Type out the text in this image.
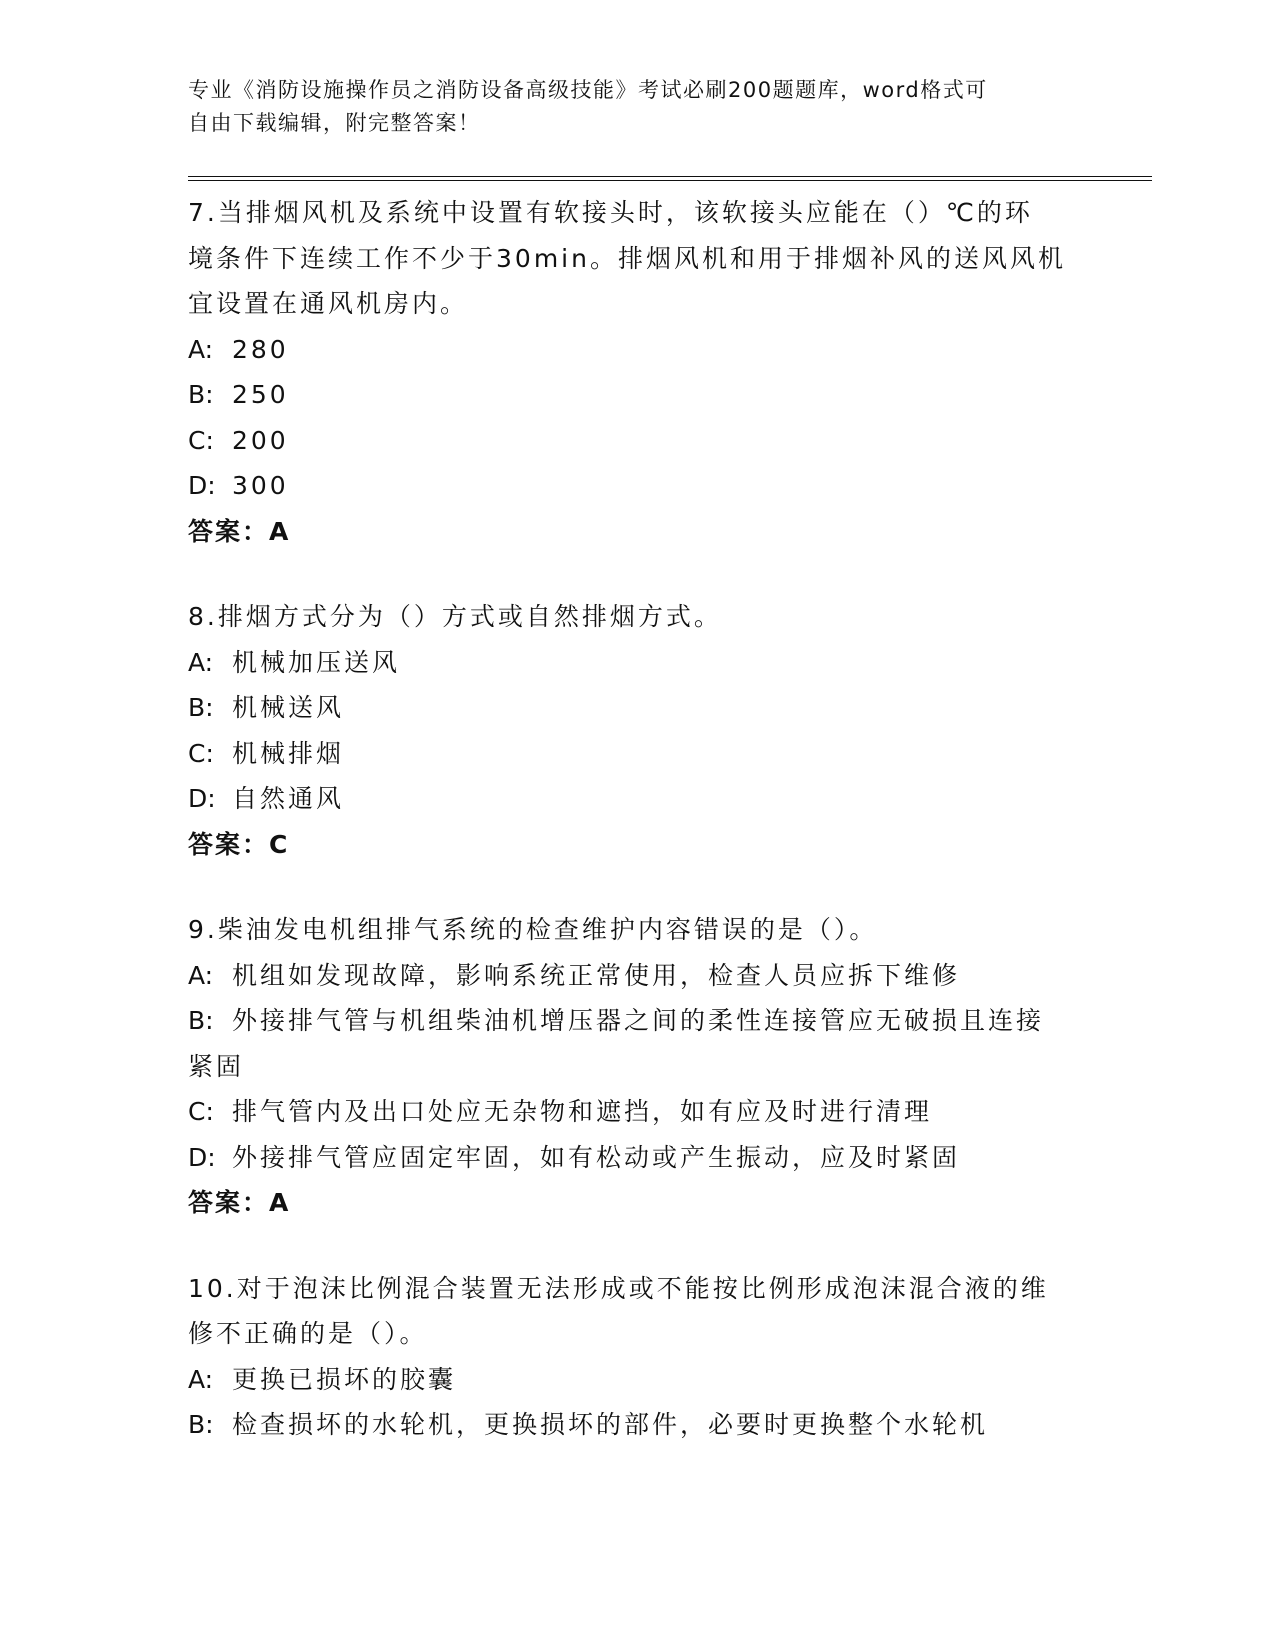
专业《消防设施操作员之消防设备高级技能》考试必刷200题题库，word格式可
自由下载编辑，附完整答案！
7.当排烟风机及系统中设置有软接头时，该软接头应能在（）℃的环
境条件下连续工作不少于30min。排烟风机和用于排烟补风的送风风机
宜设置在通风机房内。
A: 280
B: 250
C: 200
D: 300
答案：A
8.排烟方式分为（）方式或自然排烟方式。
A: 机械加压送风
B: 机械送风
C: 机械排烟
D: 自然通风
答案：C
9.柴油发电机组排气系统的检查维护内容错误的是（）。
A: 机组如发现故障，影响系统正常使用，检查人员应拆下维修
B: 外接排气管与机组柴油机增压器之间的柔性连接管应无破损且连接
紧固
C: 排气管内及出口处应无杂物和遮挡，如有应及时进行清理
D: 外接排气管应固定牢固，如有松动或产生振动，应及时紧固
答案：A
10.对于泡沫比例混合装置无法形成或不能按比例形成泡沫混合液的维
修不正确的是（）。
A: 更换已损坏的胶囊
B: 检查损坏的水轮机，更换损坏的部件，必要时更换整个水轮机
